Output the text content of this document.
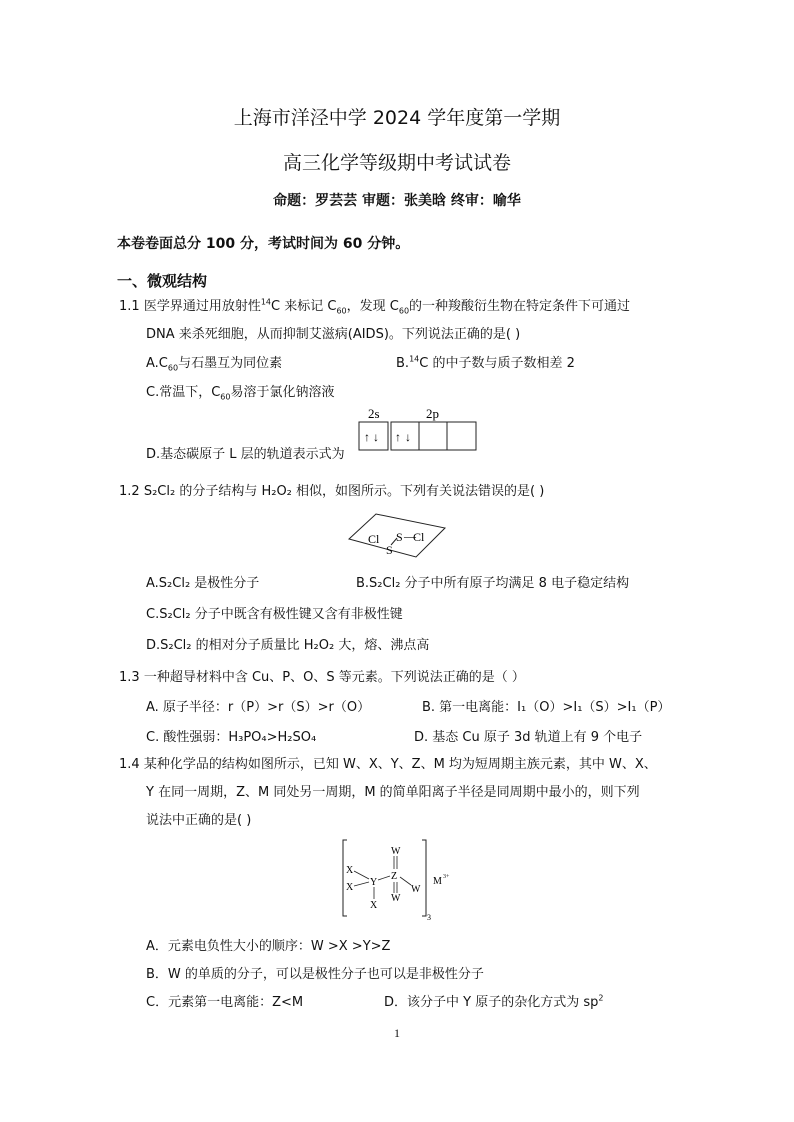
上海市洋泾中学 2024 学年度第一学期
高三化学等级期中考试试卷
命题：罗芸芸 审题：张美晗 终审：喻华
本卷卷面总分 100 分，考试时间为 60 分钟。
一、微观结构
1.1 医学界通过用放射性$^{14}$C 来标记 $C_{60}$，发现 $C_{60}$的一种羧酸衍生物在特定条件下可通过
DNA 来杀死细胞，从而抑制艾滋病(AIDS)。下列说法正确的是( )
$A.C_{60}$与石墨互为同位素	B.$^{14}$C 的中子数与质子数相差 2
C.常温下，$C_{60}$易溶于氯化钠溶液
D.基态碳原子 L 层的轨道表示式为
2s	2p
↑ ↓ ↑ ↓
1.2 S₂Cl₂ 的分子结构与 H₂O₂ 相似，如图所示。下列有关说法错误的是( )
Cl S —
Cl
S
A.S₂Cl₂ 是极性分子	B.S₂Cl₂ 分子中所有原子均满足 8 电子稳定结构
C.S₂Cl₂ 分子中既含有极性键又含有非极性键
D.S₂Cl₂ 的相对分子质量比 H₂O₂ 大，熔、沸点高
1.3 一种超导材料中含 Cu、P、O、S 等元素。下列说法正确的是（ ）
A. 原子半径：r（P）>r（S）>r（O）	B. 第一电离能：I₁（O）>I₁（S）>I₁（P）
C. 酸性强弱：H₃PO₄>H₂SO₄	D. 基态 Cu 原子 3d 轨道上有 9 个电子
1.4 某种化学品的结构如图所示，已知 W、X、Y、Z、M 均为短周期主族元素，其中 W、X、
Y 在同一周期，Z、M 同处另一周期，M 的简单阳离子半径是同周期中最小的，则下列
说法中正确的是( )
3
W
X
X Y
Z
W
W
X
M 3+
A．元素电负性大小的顺序：W >X >Y>Z
B．W 的单质的分子，可以是极性分子也可以是非极性分子
C．元素第一电离能：Z<M	D．该分子中 Y 原子的杂化方式为 $sp^2$
1
